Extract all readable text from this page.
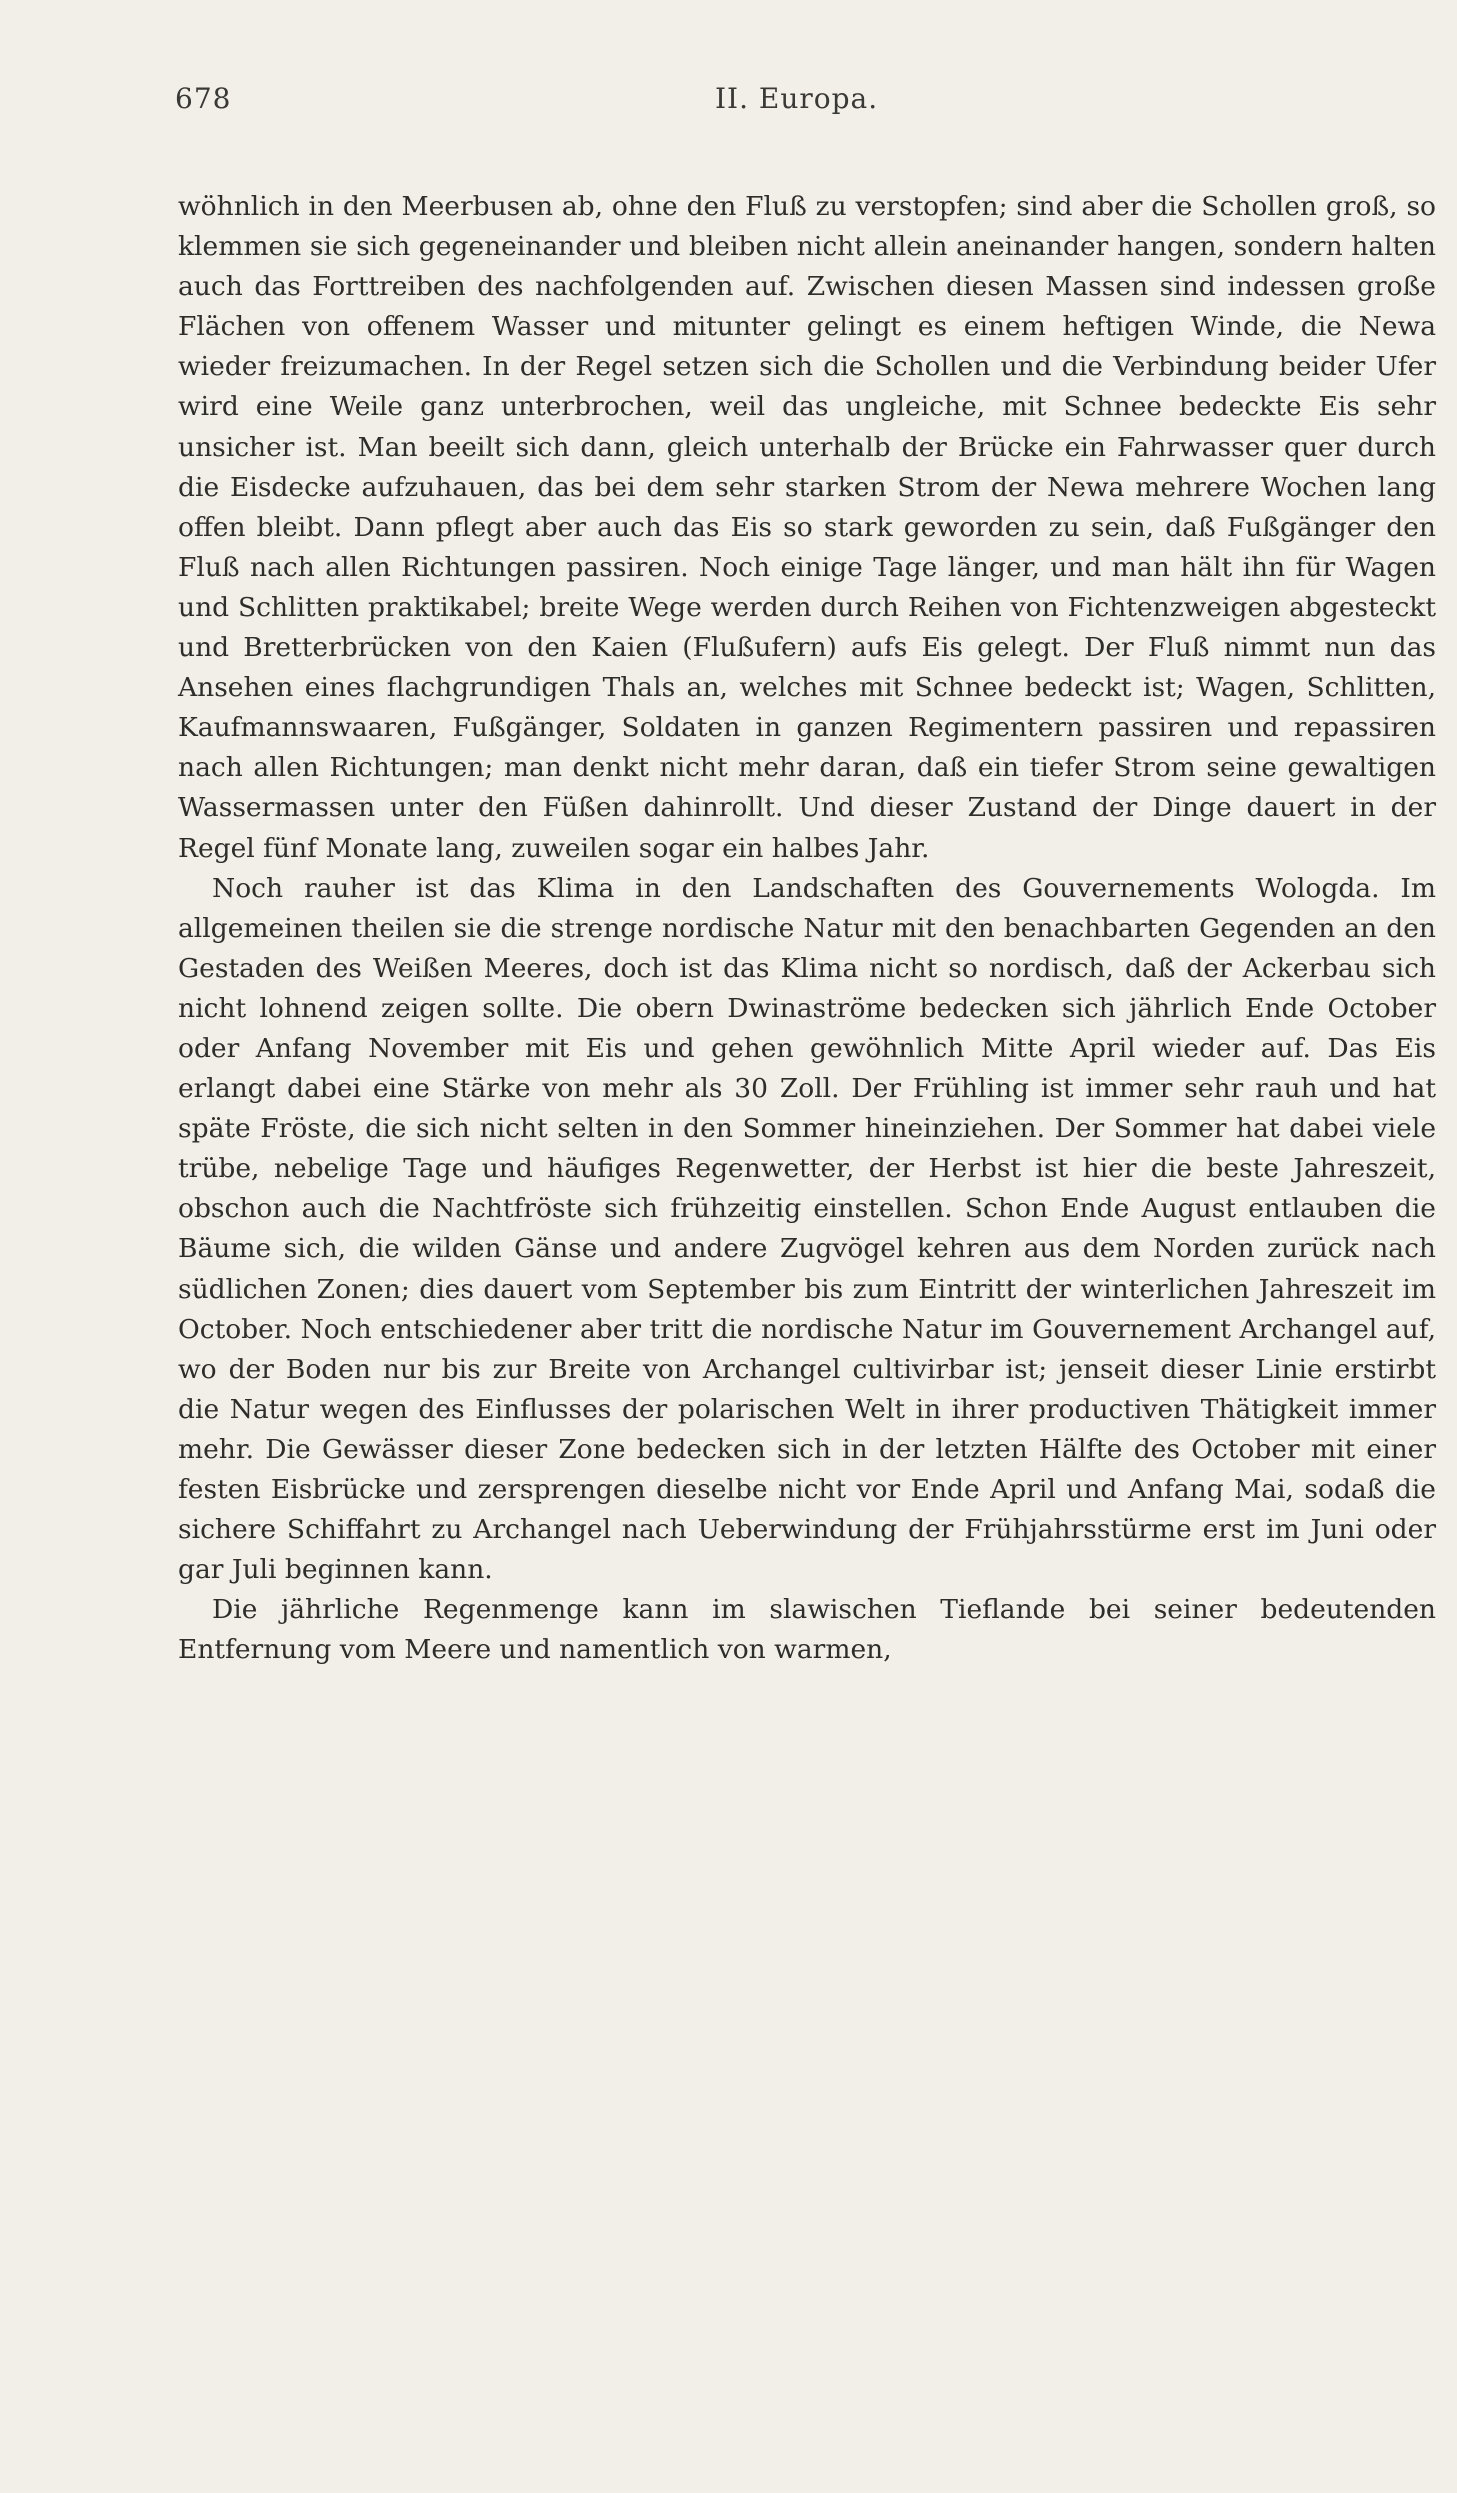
678	II. Europa.

wöhnlich in den Meerbusen ab, ohne den Fluß zu verstopfen; sind aber die Schollen groß, so klemmen sie sich gegeneinander und bleiben nicht allein aneinander hangen, sondern halten auch das Forttreiben des nachfolgenden auf. Zwischen diesen Massen sind indessen große Flächen von offenem Wasser und mitunter gelingt es einem heftigen Winde, die Newa wieder freizumachen. In der Regel setzen sich die Schollen und die Verbindung beider Ufer wird eine Weile ganz unterbrochen, weil das ungleiche, mit Schnee bedeckte Eis sehr unsicher ist. Man beeilt sich dann, gleich unterhalb der Brücke ein Fahrwasser quer durch die Eisdecke aufzuhauen, das bei dem sehr starken Strom der Newa mehrere Wochen lang offen bleibt. Dann pflegt aber auch das Eis so stark geworden zu sein, daß Fußgänger den Fluß nach allen Richtungen passiren. Noch einige Tage länger, und man hält ihn für Wagen und Schlitten praktikabel; breite Wege werden durch Reihen von Fichtenzweigen abgesteckt und Bretterbrücken von den Kaien (Flußufern) aufs Eis gelegt. Der Fluß nimmt nun das Ansehen eines flachgrundigen Thals an, welches mit Schnee bedeckt ist; Wagen, Schlitten, Kaufmannswaaren, Fußgänger, Soldaten in ganzen Regimentern passiren und repassiren nach allen Richtungen; man denkt nicht mehr daran, daß ein tiefer Strom seine gewaltigen Wassermassen unter den Füßen dahinrollt. Und dieser Zustand der Dinge dauert in der Regel fünf Monate lang, zuweilen sogar ein halbes Jahr.

Noch rauher ist das Klima in den Landschaften des Gouvernements Wologda. Im allgemeinen theilen sie die strenge nordische Natur mit den benachbarten Gegenden an den Gestaden des Weißen Meeres, doch ist das Klima nicht so nordisch, daß der Ackerbau sich nicht lohnend zeigen sollte. Die obern Dwinaströme bedecken sich jährlich Ende October oder Anfang November mit Eis und gehen gewöhnlich Mitte April wieder auf. Das Eis erlangt dabei eine Stärke von mehr als 30 Zoll. Der Frühling ist immer sehr rauh und hat späte Fröste, die sich nicht selten in den Sommer hineinziehen. Der Sommer hat dabei viele trübe, nebelige Tage und häufiges Regenwetter, der Herbst ist hier die beste Jahreszeit, obschon auch die Nachtfröste sich frühzeitig einstellen. Schon Ende August entlauben die Bäume sich, die wilden Gänse und andere Zugvögel kehren aus dem Norden zurück nach südlichen Zonen; dies dauert vom September bis zum Eintritt der winterlichen Jahreszeit im October. Noch entschiedener aber tritt die nordische Natur im Gouvernement Archangel auf, wo der Boden nur bis zur Breite von Archangel cultivirbar ist; jenseit dieser Linie erstirbt die Natur wegen des Einflusses der polarischen Welt in ihrer productiven Thätigkeit immer mehr. Die Gewässer dieser Zone bedecken sich in der letzten Hälfte des October mit einer festen Eisbrücke und zersprengen dieselbe nicht vor Ende April und Anfang Mai, sodaß die sichere Schiffahrt zu Archangel nach Ueberwindung der Frühjahrsstürme erst im Juni oder gar Juli beginnen kann.

Die jährliche Regenmenge kann im slawischen Tieflande bei seiner bedeutenden Entfernung vom Meere und namentlich von warmen,
